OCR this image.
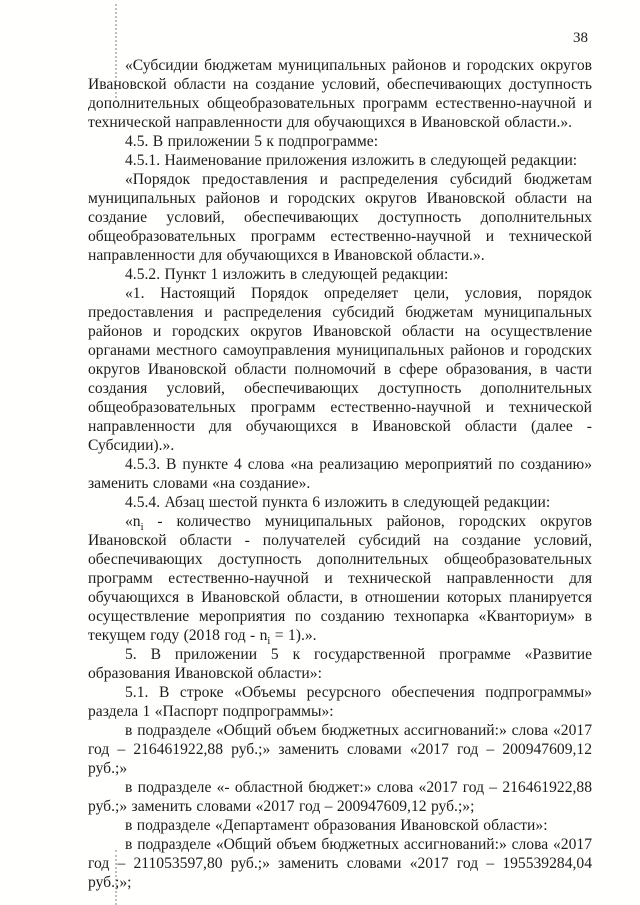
38

«Субсидии бюджетам муниципальных районов и городских округов Ивановской области на создание условий, обеспечивающих доступность дополнительных общеобразовательных программ естественно-научной и технической направленности для обучающихся в Ивановской области.».

4.5. В приложении 5 к подпрограмме:

4.5.1. Наименование приложения изложить в следующей редакции:

«Порядок предоставления и распределения субсидий бюджетам муниципальных районов и городских округов Ивановской области на создание условий, обеспечивающих доступность дополнительных общеобразовательных программ естественно-научной и технической направленности для обучающихся в Ивановской области.».

4.5.2. Пункт 1 изложить в следующей редакции:

«1. Настоящий Порядок определяет цели, условия, порядок предоставления и распределения субсидий бюджетам муниципальных районов и городских округов Ивановской области на осуществление органами местного самоуправления муниципальных районов и городских округов Ивановской области полномочий в сфере образования, в части создания условий, обеспечивающих доступность дополнительных общеобразовательных программ естественно-научной и технической направленности для обучающихся в Ивановской области (далее - Субсидии).».

4.5.3. В пункте 4 слова «на реализацию мероприятий по созданию» заменить словами «на создание».

4.5.4. Абзац шестой пункта 6 изложить в следующей редакции:

«$n_i$ - количество муниципальных районов, городских округов Ивановской области - получателей субсидий на создание условий, обеспечивающих доступность дополнительных общеобразовательных программ естественно-научной и технической направленности для обучающихся в Ивановской области, в отношении которых планируется осуществление мероприятия по созданию технопарка «Кванториум» в текущем году (2018 год - $n_i = 1$).».

5. В приложении 5 к государственной программе «Развитие образования Ивановской области»:

5.1. В строке «Объемы ресурсного обеспечения подпрограммы» раздела 1 «Паспорт подпрограммы»:

в подразделе «Общий объем бюджетных ассигнований:» слова «2017 год – 216461922,88 руб.;» заменить словами «2017 год – 200947609,12 руб.;»

в подразделе «- областной бюджет:» слова «2017 год – 216461922,88 руб.;» заменить словами «2017 год – 200947609,12 руб.;»;

в подразделе «Департамент образования Ивановской области»:

в подразделе «Общий объем бюджетных ассигнований:» слова «2017 год – 211053597,80 руб.;» заменить словами «2017 год – 195539284,04 руб.;»;
